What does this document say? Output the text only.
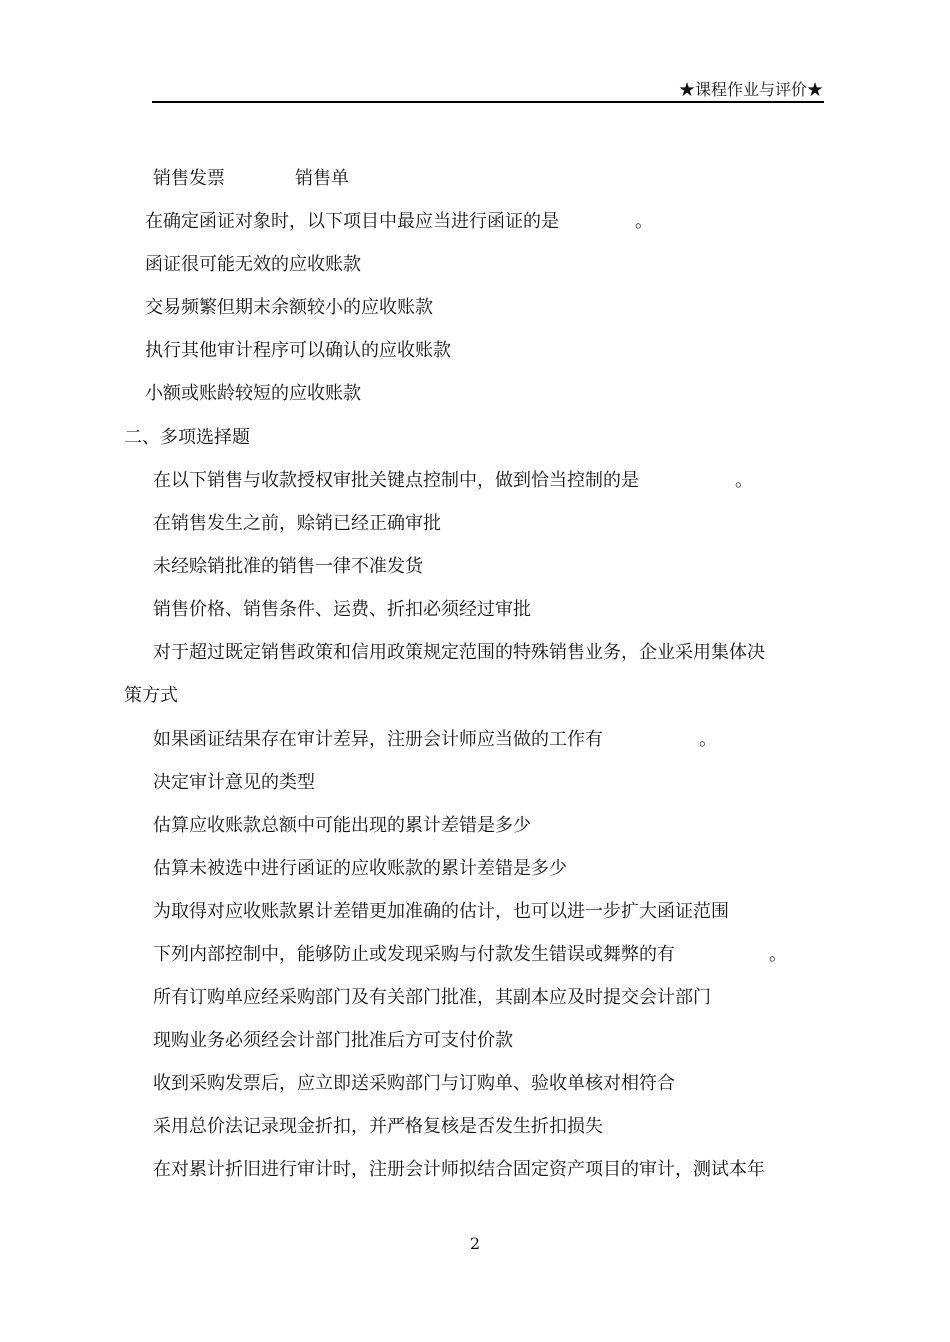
★课程作业与评价★
销售发票	销售单
在确定函证对象时，以下项目中最应当进行函证的是	。
函证很可能无效的应收账款
交易频繁但期末余额较小的应收账款
执行其他审计程序可以确认的应收账款
小额或账龄较短的应收账款
二、多项选择题
在以下销售与收款授权审批关键点控制中，做到恰当控制的是	。
在销售发生之前，赊销已经正确审批
未经赊销批准的销售一律不准发货
销售价格、销售条件、运费、折扣必须经过审批
对于超过既定销售政策和信用政策规定范围的特殊销售业务，企业采用集体决
策方式
如果函证结果存在审计差异，注册会计师应当做的工作有	。
决定审计意见的类型
估算应收账款总额中可能出现的累计差错是多少
估算未被选中进行函证的应收账款的累计差错是多少
为取得对应收账款累计差错更加准确的估计，也可以进一步扩大函证范围
下列内部控制中，能够防止或发现采购与付款发生错误或舞弊的有	。
所有订购单应经采购部门及有关部门批准，其副本应及时提交会计部门
现购业务必须经会计部门批准后方可支付价款
收到采购发票后，应立即送采购部门与订购单、验收单核对相符合
采用总价法记录现金折扣，并严格复核是否发生折扣损失
在对累计折旧进行审计时，注册会计师拟结合固定资产项目的审计，测试本年
2
